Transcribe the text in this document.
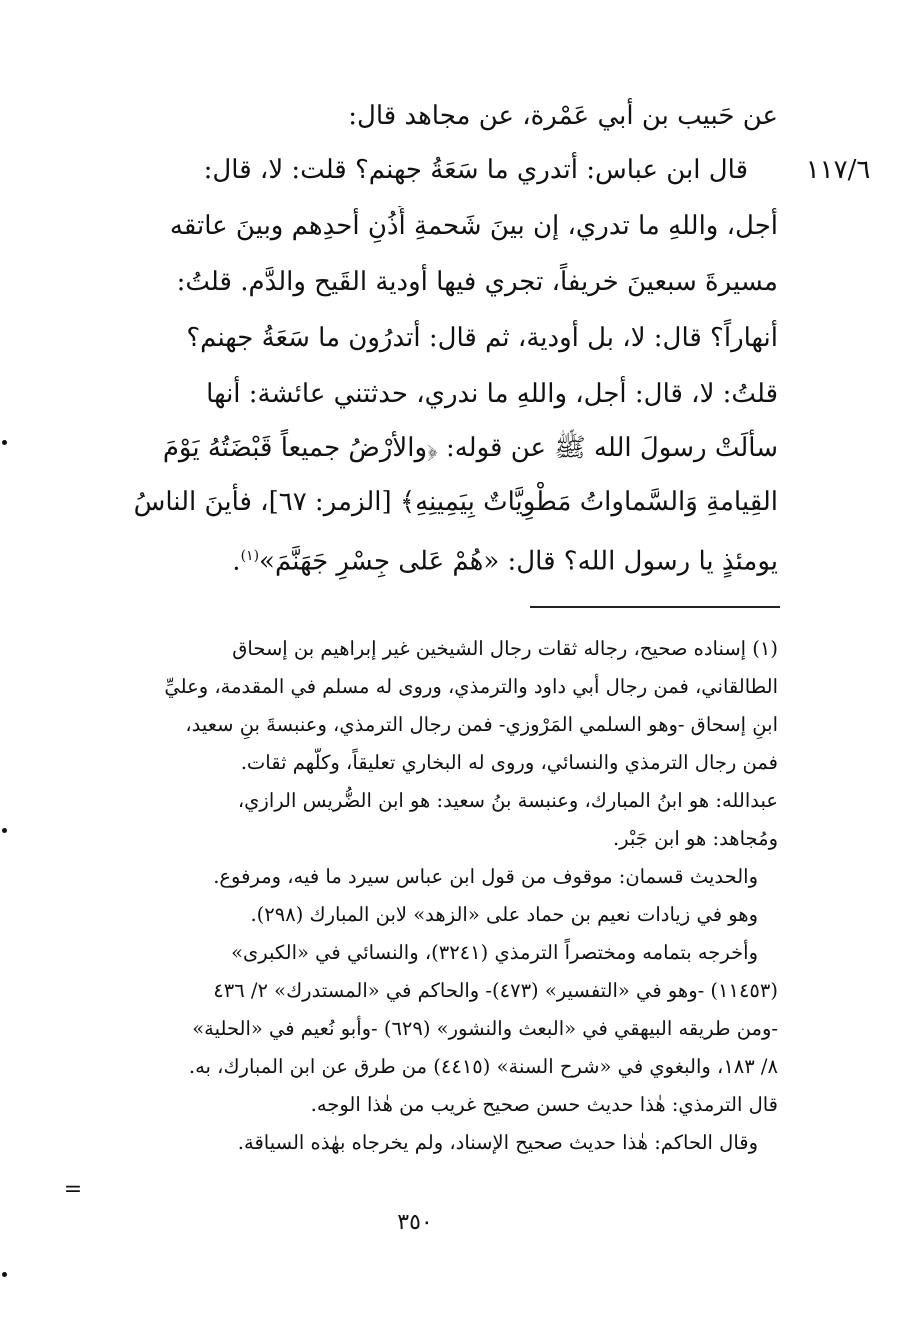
عن حَبيب بن أبي عَمْرة، عن مجاهد قال:
١١٧/٦
قال ابن عباس: أتدري ما سَعَةُ جهنم؟ قلت: لا، قال:
أجل، واللهِ ما تدري، إن بينَ شَحمةِ أُذُنِ أحدِهم وبينَ عاتقه
مسيرةَ سبعينَ خريفاً، تجري فيها أودية القَيح والدَّم. قلتُ:
أنهاراً؟ قال: لا، بل أودية، ثم قال: أتدرُون ما سَعَةُ جهنم؟
قلتُ: لا، قال: أجل، واللهِ ما ندري، حدثتني عائشة: أنها
سألَتْ رسولَ الله ﷺ عن قوله: ﴿والأرْضُ جميعاً قَبْضَتُهُ يَوْمَ
القِيامةِ وَالسَّماواتُ مَطْوِيَّاتٌ بِيَمِينِهِ﴾ [الزمر: ٦٧]، فأينَ الناسُ
يومئذٍ يا رسول الله؟ قال: «هُمْ عَلى جِسْرِ جَهَنَّمَ»$^{(١)}$.
(١) إسناده صحيح، رجاله ثقات رجال الشيخين غير إبراهيم بن إسحاق
الطالقاني، فمن رجال أبي داود والترمذي، وروى له مسلم في المقدمة، وعليِّ
ابنِ إسحاق -وهو السلمي المَرْوزي- فمن رجال الترمذي، وعنبسةَ بنِ سعيد،
فمن رجال الترمذي والنسائي، وروى له البخاري تعليقاً، وكلُّهم ثقات.
عبدالله: هو ابنُ المبارك، وعنبسة بنُ سعيد: هو ابن الضُّريس الرازي،
ومُجاهد: هو ابن جَبْر.
والحديث قسمان: موقوف من قول ابن عباس سيرد ما فيه، ومرفوع.
وهو في زيادات نعيم بن حماد على «الزهد» لابن المبارك (٢٩٨).
وأخرجه بتمامه ومختصراً الترمذي (٣٢٤١)، والنسائي في «الكبرى»
(١١٤٥٣) -وهو في «التفسير» (٤٧٣)- والحاكم في «المستدرك» ٢/ ٤٣٦
-ومن طريقه البيهقي في «البعث والنشور» (٦٢٩) -وأبو نُعيم في «الحلية»
٨/ ١٨٣، والبغوي في «شرح السنة» (٤٤١٥) من طرق عن ابن المبارك، به.
قال الترمذي: هٰذا حديث حسن صحيح غريب من هٰذا الوجه.
وقال الحاكم: هٰذا حديث صحيح الإسناد، ولم يخرجاه بهٰذه السياقة.
=
٣٥٠
